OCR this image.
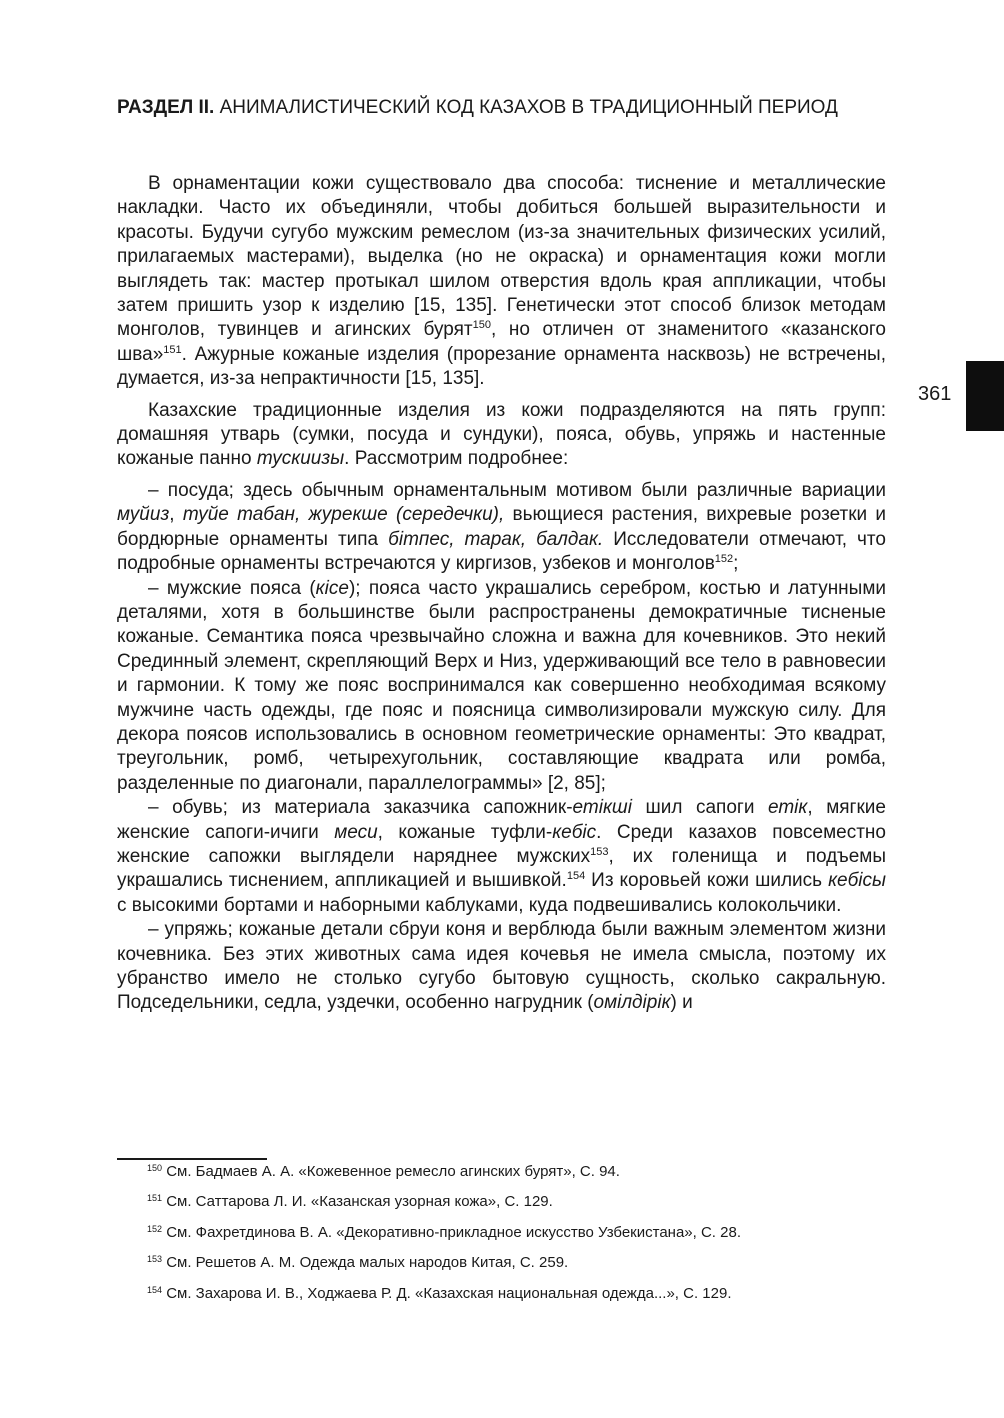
РАЗДЕЛ II. АНИМАЛИСТИЧЕСКИЙ КОД КАЗАХОВ В ТРАДИЦИОННЫЙ ПЕРИОД
361

В орнаментации кожи существовало два способа: тиснение и металлические накладки. Часто их объединяли, чтобы добиться большей выразительности и красоты. Будучи сугубо мужским ремеслом (из-за значительных физических усилий, прилагаемых мастерами), выделка (но не окраска) и орнаментация кожи могли выглядеть так: мастер протыкал шилом отверстия вдоль края аппликации, чтобы затем пришить узор к изделию [15, 135]. Генетически этот способ близок методам монголов, тувинцев и агинских бурят$^{150}$, но отличен от знаменитого «казанского шва»$^{151}$. Ажурные кожаные изделия (прорезание орнамента насквозь) не встречены, думается, из-за непрактичности [15, 135].

Казахские традиционные изделия из кожи подразделяются на пять групп: домашняя утварь (сумки, посуда и сундуки), пояса, обувь, упряжь и настенные кожаные панно тускиизы. Рассмотрим подробнее:

– посуда; здесь обычным орнаментальным мотивом были различные вариации муйиз, туйе табан, журекше (середечки), вьющиеся растения, вихревые розетки и бордюрные орнаменты типа бітпес, тарак, балдак. Исследователи отмечают, что подробные орнаменты встречаются у киргизов, узбеков и монголов$^{152}$;

– мужские пояса (кісе); пояса часто украшались серебром, костью и латунными деталями, хотя в большинстве были распространены демократичные тисненые кожаные. Семантика пояса чрезвычайно сложна и важна для кочевников. Это некий Срединный элемент, скрепляющий Верх и Низ, удерживающий все тело в равновесии и гармонии. К тому же пояс воспринимался как совершенно необходимая всякому мужчине часть одежды, где пояс и поясница символизировали мужскую силу. Для декора поясов использовались в основном геометрические орнаменты: Это квадрат, треугольник, ромб, четырехугольник, составляющие квадрата или ромба, разделенные по диагонали, параллелограммы» [2, 85];

– обувь; из материала заказчика сапожник-етікші шил сапоги етік, мягкие женские сапоги-ичиги меси, кожаные туфли-кебіс. Среди казахов повсеместно женские сапожки выглядели наряднее мужских$^{153}$, их голенища и подъемы украшались тиснением, аппликацией и вышивкой.$^{154}$ Из коровьей кожи шились кебісы с высокими бортами и наборными каблуками, куда подвешивались колокольчики.

– упряжь; кожаные детали сбруи коня и верблюда были важным элементом жизни кочевника. Без этих животных сама идея кочевья не имела смысла, поэтому их убранство имело не столько сугубо бытовую сущность, сколько сакральную. Подседельники, седла, уздечки, особенно нагрудник (омілдірік) и

$^{150}$ См. Бадмаев А. А. «Кожевенное ремесло агинских бурят», С. 94.
$^{151}$ См. Саттарова Л. И. «Казанская узорная кожа», С. 129.
$^{152}$ См. Фахретдинова В. А. «Декоративно-прикладное искусство Узбекистана», С. 28.
$^{153}$ См. Решетов А. М. Одежда малых народов Китая, С. 259.
$^{154}$ См. Захарова И. В., Ходжаева Р. Д. «Казахская национальная одежда...», С. 129.
